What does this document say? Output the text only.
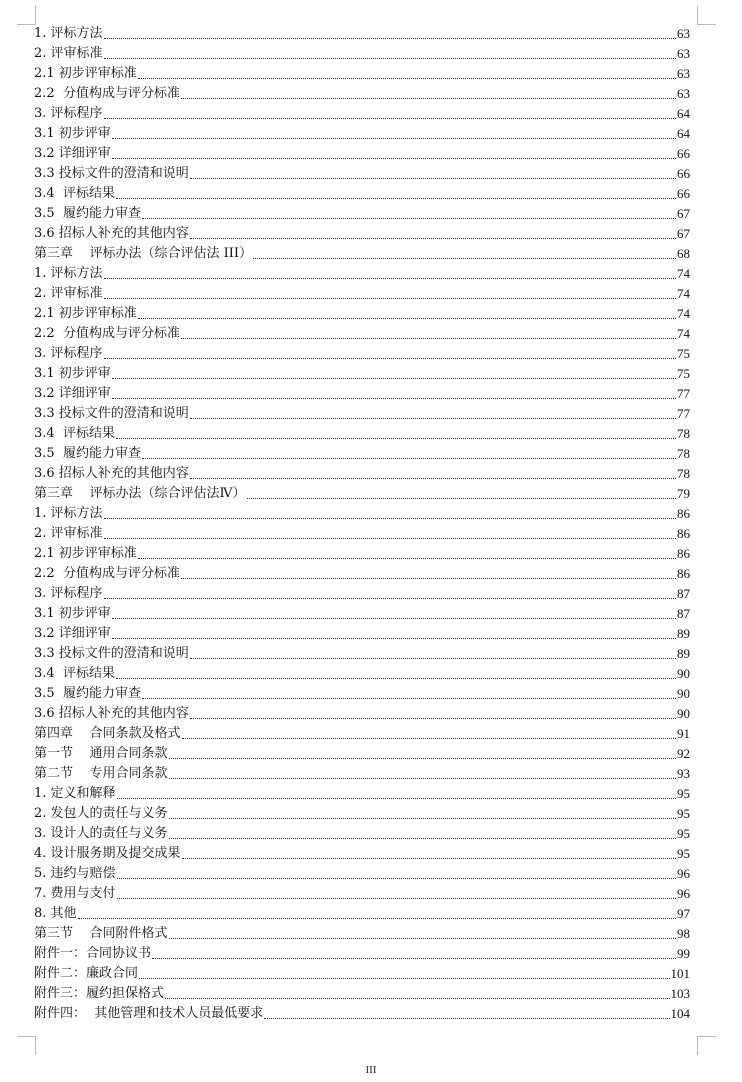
1. 评标方法	63
2. 评审标准	63
2.1 初步评审标准	63
2.2  分值构成与评分标准	63
3. 评标程序	64
3.1 初步评审	64
3.2 详细评审	66
3.3 投标文件的澄清和说明	66
3.4  评标结果	66
3.5  履约能力审查	67
3.6 招标人补充的其他内容	67
第三章    评标办法（综合评估法 III）	68
1. 评标方法	74
2. 评审标准	74
2.1 初步评审标准	74
2.2  分值构成与评分标准	74
3. 评标程序	75
3.1 初步评审	75
3.2 详细评审	77
3.3 投标文件的澄清和说明	77
3.4  评标结果	78
3.5  履约能力审查	78
3.6 招标人补充的其他内容	78
第三章    评标办法（综合评估法Ⅳ）	79
1. 评标方法	86
2. 评审标准	86
2.1 初步评审标准	86
2.2  分值构成与评分标准	86
3. 评标程序	87
3.1 初步评审	87
3.2 详细评审	89
3.3 投标文件的澄清和说明	89
3.4  评标结果	90
3.5  履约能力审查	90
3.6 招标人补充的其他内容	90
第四章    合同条款及格式	91
第一节    通用合同条款	92
第二节    专用合同条款	93
1. 定义和解释	95
2. 发包人的责任与义务	95
3. 设计人的责任与义务	95
4. 设计服务期及提交成果	95
5. 违约与赔偿	96
7. 费用与支付	96
8. 其他	97
第三节    合同附件格式	98
附件一：合同协议书	99
附件二：廉政合同	101
附件三：履约担保格式	103
附件四：  其他管理和技术人员最低要求	104
III
